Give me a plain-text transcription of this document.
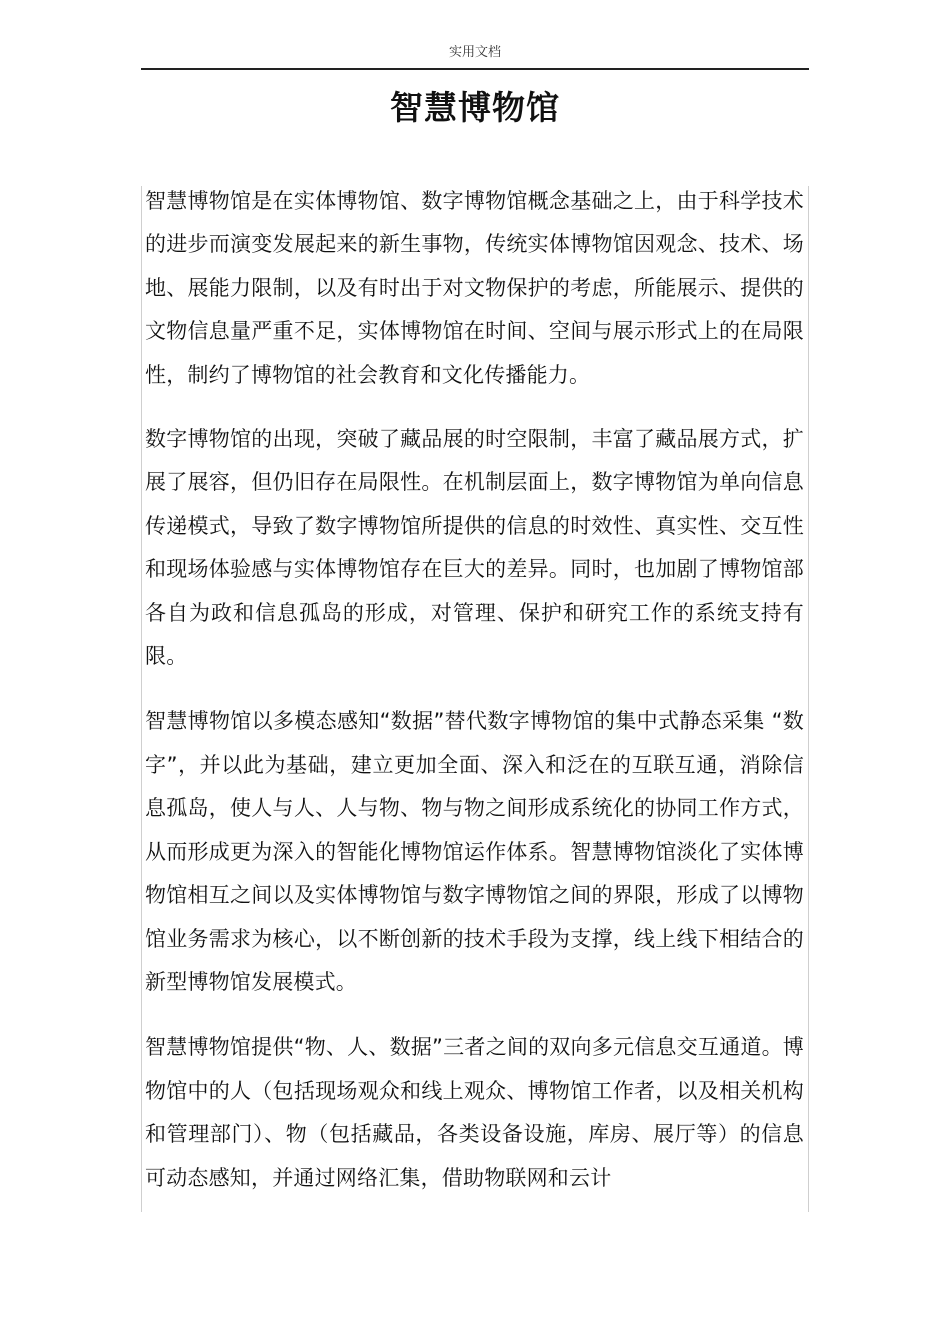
实用文档
智慧博物馆

智慧博物馆是在实体博物馆、数字博物馆概念基础之上，由于科学技术的进步而演变发展起来的新生事物，传统实体博物馆因观念、技术、场地、展能力限制，以及有时出于对文物保护的考虑，所能展示、提供的文物信息量严重不足，实体博物馆在时间、空间与展示形式上的在局限性，制约了博物馆的社会教育和文化传播能力。

数字博物馆的出现，突破了藏品展的时空限制，丰富了藏品展方式，扩展了展容，但仍旧存在局限性。在机制层面上，数字博物馆为单向信息传递模式，导致了数字博物馆所提供的信息的时效性、真实性、交互性和现场体验感与实体博物馆存在巨大的差异。同时，也加剧了博物馆部各自为政和信息孤岛的形成，对管理、保护和研究工作的系统支持有限。

智慧博物馆以多模态感知“数据”替代数字博物馆的集中式静态采集 “数字”，并以此为基础，建立更加全面、深入和泛在的互联互通，消除信息孤岛，使人与人、人与物、物与物之间形成系统化的协同工作方式，从而形成更为深入的智能化博物馆运作体系。智慧博物馆淡化了实体博物馆相互之间以及实体博物馆与数字博物馆之间的界限，形成了以博物馆业务需求为核心，以不断创新的技术手段为支撑，线上线下相结合的新型博物馆发展模式。

智慧博物馆提供“物、人、数据”三者之间的双向多元信息交互通道。博物馆中的人（包括现场观众和线上观众、博物馆工作者，以及相关机构和管理部门）、物（包括藏品，各类设备设施，库房、展厅等）的信息可动态感知，并通过网络汇集，借助物联网和云计
